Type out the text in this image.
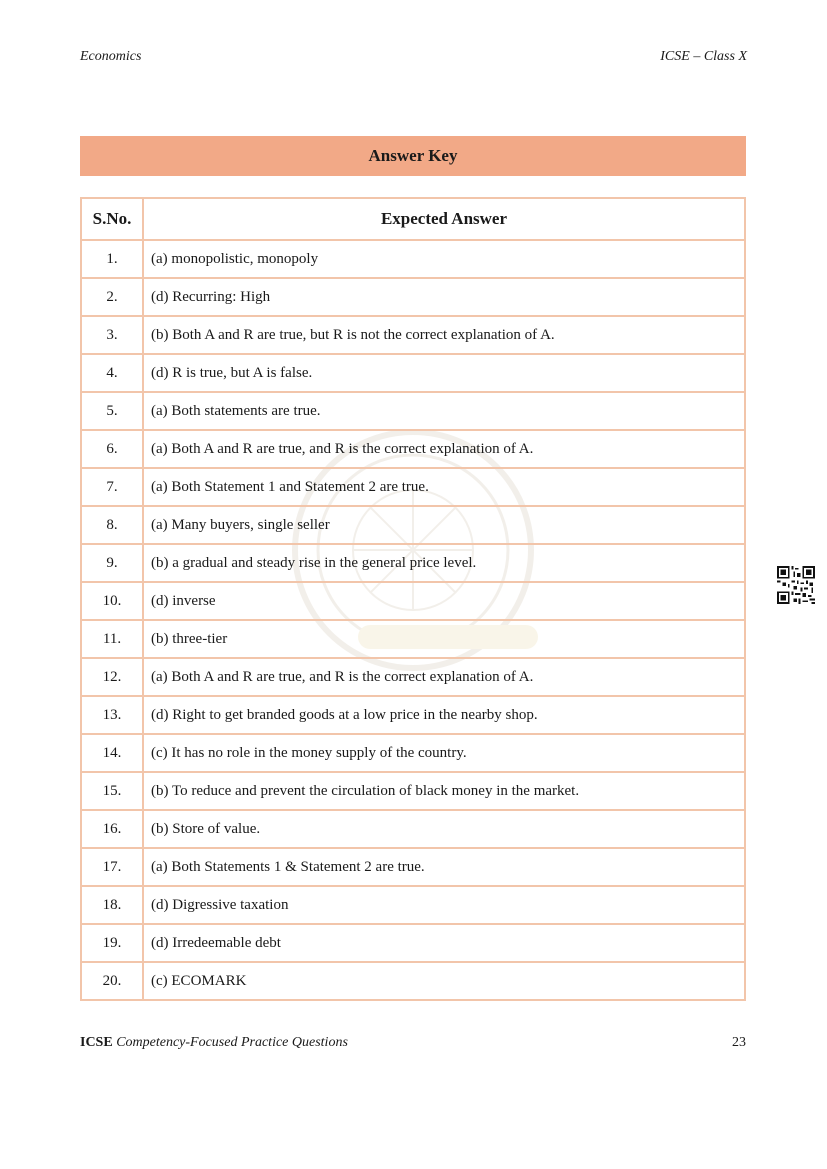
Economics	ICSE – Class X
Answer Key
S.No.	Expected Answer
1.	(a) monopolistic, monopoly
2.	(d) Recurring: High
3.	(b) Both A and R are true, but R is not the correct explanation of A.
4.	(d) R is true, but A is false.
5.	(a) Both statements are true.
6.	(a) Both A and R are true, and R is the correct explanation of A.
7.	(a) Both Statement 1 and Statement 2 are true.
8.	(a) Many buyers, single seller
9.	(b) a gradual and steady rise in the general price level.
10.	(d) inverse
11.	(b) three-tier
12.	(a) Both A and R are true, and R is the correct explanation of A.
13.	(d) Right to get branded goods at a low price in the nearby shop.
14.	(c) It has no role in the money supply of the country.
15.	(b) To reduce and prevent the circulation of black money in the market.
16.	(b) Store of value.
17.	(a) Both Statements 1 & Statement 2 are true.
18.	(d) Digressive taxation
19.	(d) Irredeemable debt
20.	(c) ECOMARK
ICSE Competency-Focused Practice Questions	23
